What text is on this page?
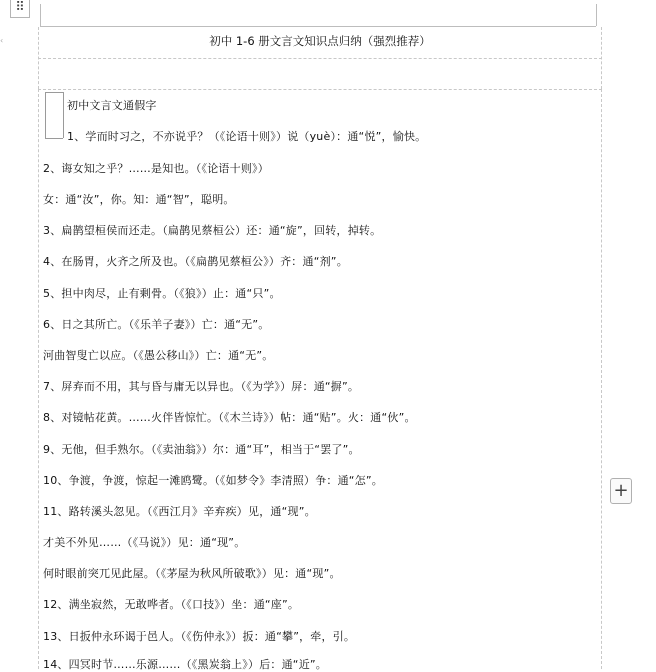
⠿
‹	初中 1-6 册文言文知识点归纳（强烈推荐）
初中文言文通假字
1、学而时习之，不亦说乎？（《论语十则》）说（yuè）：通“悦”，愉快。
2、诲女知之乎？……是知也。（《论语十则》）
女：通“汝”，你。知：通“智”，聪明。
3、扁鹊望桓侯而还走。（扁鹊见蔡桓公）还：通“旋”，回转，掉转。
4、在肠胃，火齐之所及也。（《扁鹊见蔡桓公》）齐：通“剂”。
5、担中肉尽，止有剩骨。（《狼》）止：通“只”。
6、日之其所亡。（《乐羊子妻》）亡：通“无”。
河曲智叟亡以应。（《愚公移山》）亡：通“无”。
7、屏弃而不用，其与昏与庸无以异也。（《为学》）屏：通“摒”。
8、对镜帖花黄。……火伴皆惊忙。（《木兰诗》）帖：通“贴”。火：通“伙”。
9、无他，但手熟尔。（《卖油翁》）尔：通“耳”，相当于“罢了”。
10、争渡，争渡，惊起一滩鸥鹭。（《如梦令》李清照）争：通“怎”。
11、路转溪头忽见。（《西江月》辛弃疾）见，通“现”。
才美不外见……（《马说》）见：通“现”。
何时眼前突兀见此屋。（《茅屋为秋风所破歌》）见：通“现”。
12、满坐寂然，无敢哗者。（《口技》）坐：通“座”。
13、日扳仲永环谒于邑人。（《伤仲永》）扳：通“攀”，牵，引。
14、四冥时节……乐源……（《黑炭翁上》）后：通“近”。
+
